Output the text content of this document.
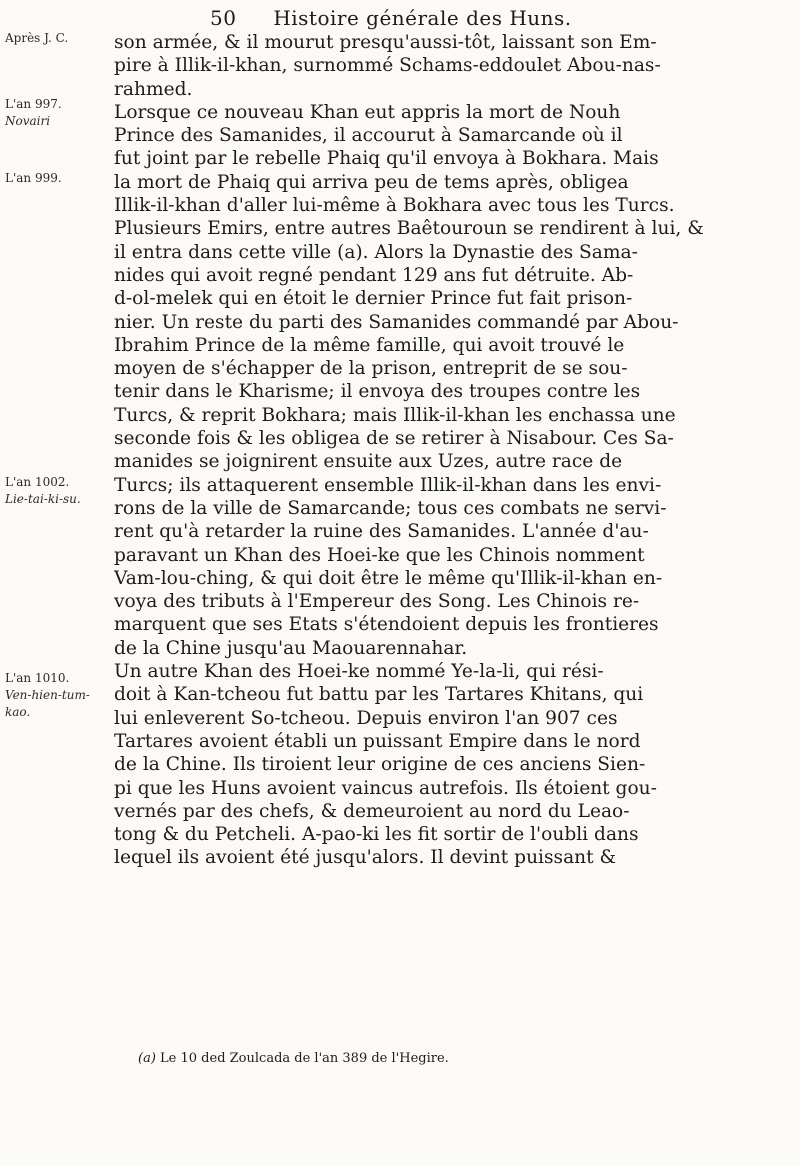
50 Histoire générale des Huns.
Après J. C.
L'an 997.
Novairi
L'an 999.
L'an 1002.
Lie-tai-ki-su.
L'an 1010.
Ven-hien-tum-kao.
son armée, & il mourut presqu'aussi-tôt, laissant son Em-
pire à Illik-il-khan, surnommé Schams-eddoulet Abou-nas-
rahmed.
Lorsque ce nouveau Khan eut appris la mort de Nouh
Prince des Samanides, il accourut à Samarcande où il
fut joint par le rebelle Phaiq qu'il envoya à Bokhara. Mais
la mort de Phaiq qui arriva peu de tems après, obligea
Illik-il-khan d'aller lui-même à Bokhara avec tous les Turcs.
Plusieurs Emirs, entre autres Baêtouroun se rendirent à lui, &
il entra dans cette ville (a). Alors la Dynastie des Sama-
nides qui avoit regné pendant 129 ans fut détruite. Ab-
d-ol-melek qui en étoit le dernier Prince fut fait prison-
nier. Un reste du parti des Samanides commandé par Abou-
Ibrahim Prince de la même famille, qui avoit trouvé le
moyen de s'échapper de la prison, entreprit de se sou-
tenir dans le Kharisme; il envoya des troupes contre les
Turcs, & reprit Bokhara; mais Illik-il-khan les enchassa une
seconde fois & les obligea de se retirer à Nisabour. Ces Sa-
manides se joignirent ensuite aux Uzes, autre race de
Turcs; ils attaquerent ensemble Illik-il-khan dans les envi-
rons de la ville de Samarcande; tous ces combats ne servi-
rent qu'à retarder la ruine des Samanides. L'année d'au-
paravant un Khan des Hoei-ke que les Chinois nomment
Vam-lou-ching, & qui doit être le même qu'Illik-il-khan en-
voya des tributs à l'Empereur des Song. Les Chinois re-
marquent que ses Etats s'étendoient depuis les frontieres
de la Chine jusqu'au Maouarennahar.
Un autre Khan des Hoei-ke nommé Ye-la-li, qui rési-
doit à Kan-tcheou fut battu par les Tartares Khitans, qui
lui enleverent So-tcheou. Depuis environ l'an 907 ces
Tartares avoient établi un puissant Empire dans le nord
de la Chine. Ils tiroient leur origine de ces anciens Sien-
pi que les Huns avoient vaincus autrefois. Ils étoient gou-
vernés par des chefs, & demeuroient au nord du Leao-
tong & du Petcheli. A-pao-ki les fit sortir de l'oubli dans
lequel ils avoient été jusqu'alors. Il devint puissant &
(a) Le 10 ded Zoulcada de l'an 389 de l'Hegire.
